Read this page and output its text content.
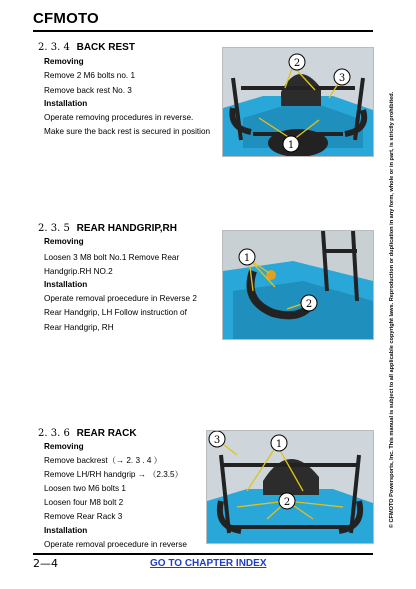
CFMOTO
2. 3. 4 BACK REST
Removing
Remove 2 M6 bolts no. 1
Remove back rest No. 3
Installation
Operate removing procedures in reverse.
Make sure the back rest is secured in position
2
3
1
2. 3. 5 REAR HANDGRIP,RH
Removing
Loosen 3 M8 bolt No.1 Remove Rear
Handgrip.RH NO.2
Installation
Operate removal proecedure in Reverse 2
Rear Handgrip, LH Follow instruction of
Rear Handgrip, RH
1
2
2. 3. 6 REAR RACK
Removing
Remove backrest（→ 2. 3 . 4 ）
Remove LH/RH handgrip → （2.3.5）
Loosen two M6 bolts 1
Loosen four M8 bolt 2
Remove Rear Rack 3
Installation
Operate removal proecedure in reverse
3	1
2	© CFMOTO Powersports, Inc. This manual is subject to all applicable copyright laws. Reproduction or duplication in any form, whole or in part, is strictly prohibited.
2—4	GO TO CHAPTER INDEX
